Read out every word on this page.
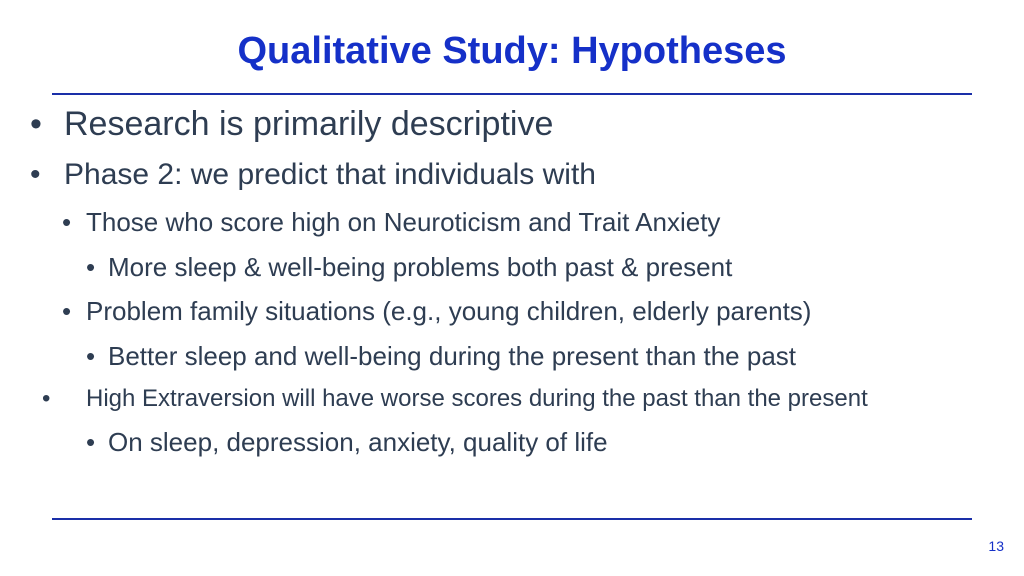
Qualitative Study: Hypotheses
• Research is primarily descriptive
• Phase 2: we predict that individuals with
• Those who score high on Neuroticism and Trait Anxiety
• More sleep & well-being problems both past & present
• Problem family situations (e.g., young children, elderly parents)
• Better sleep and well-being during the present than the past
• High Extraversion will have worse scores during the past than the present
• On sleep, depression, anxiety, quality of life
13
